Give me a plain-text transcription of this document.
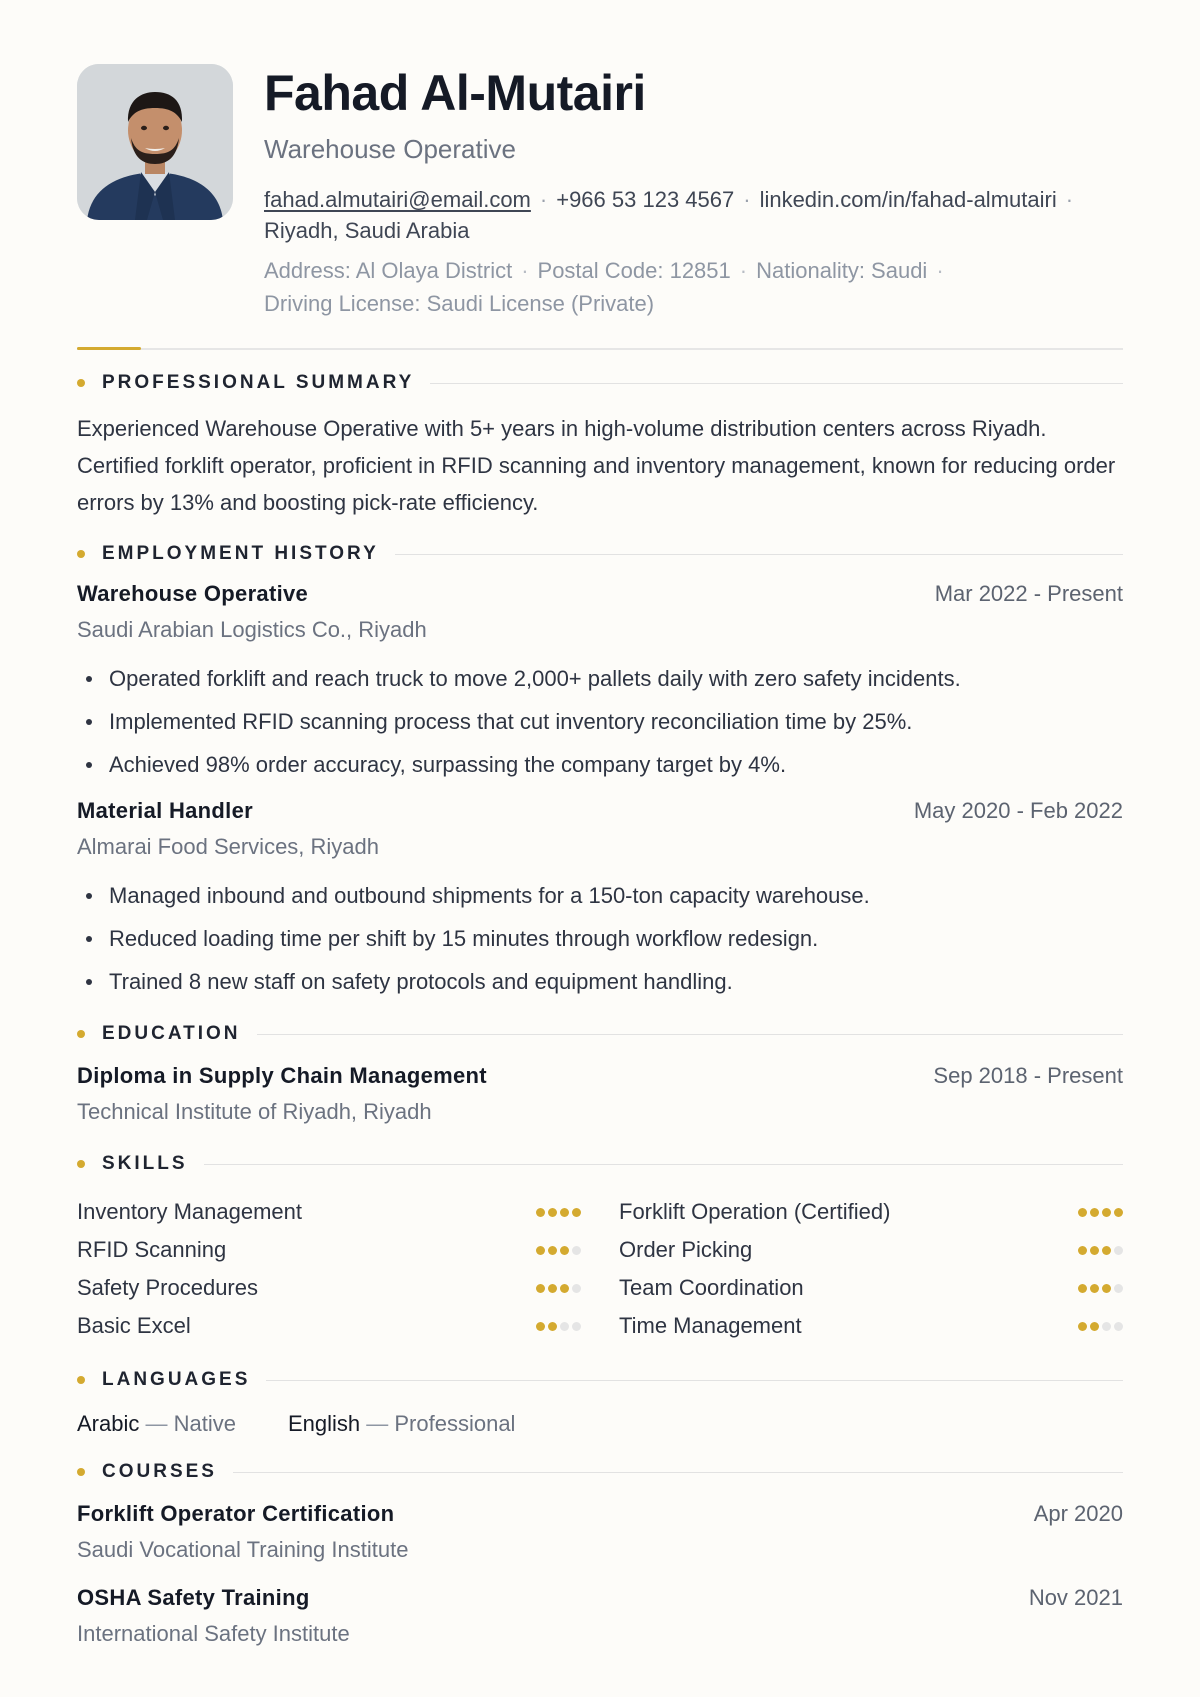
Fahad Al-Mutairi
Warehouse Operative
fahad.almutairi@email.com · +966 53 123 4567 · linkedin.com/in/fahad-almutairi ·
Riyadh, Saudi Arabia
Address: Al Olaya District · Postal Code: 12851 · Nationality: Saudi ·
Driving License: Saudi License (Private)
PROFESSIONAL SUMMARY

Experienced Warehouse Operative with 5+ years in high-volume distribution centers across Riyadh. Certified forklift operator, proficient in RFID scanning and inventory management, known for reducing order errors by 13% and boosting pick-rate efficiency.

EMPLOYMENT HISTORY
Warehouse Operative	Mar 2022 - Present
Saudi Arabian Logistics Co., Riyadh
Operated forklift and reach truck to move 2,000+ pallets daily with zero safety incidents.
Implemented RFID scanning process that cut inventory reconciliation time by 25%.
Achieved 98% order accuracy, surpassing the company target by 4%.
Material Handler	May 2020 - Feb 2022
Almarai Food Services, Riyadh
Managed inbound and outbound shipments for a 150-ton capacity warehouse.
Reduced loading time per shift by 15 minutes through workflow redesign.
Trained 8 new staff on safety protocols and equipment handling.
EDUCATION
Diploma in Supply Chain Management	Sep 2018 - Present
Technical Institute of Riyadh, Riyadh
SKILLS
Inventory Management	Forklift Operation (Certified)
RFID Scanning	Order Picking
Safety Procedures	Team Coordination
Basic Excel	Time Management
LANGUAGES
Arabic — Native English — Professional
COURSES
Forklift Operator Certification	Apr 2020
Saudi Vocational Training Institute
OSHA Safety Training	Nov 2021
International Safety Institute
